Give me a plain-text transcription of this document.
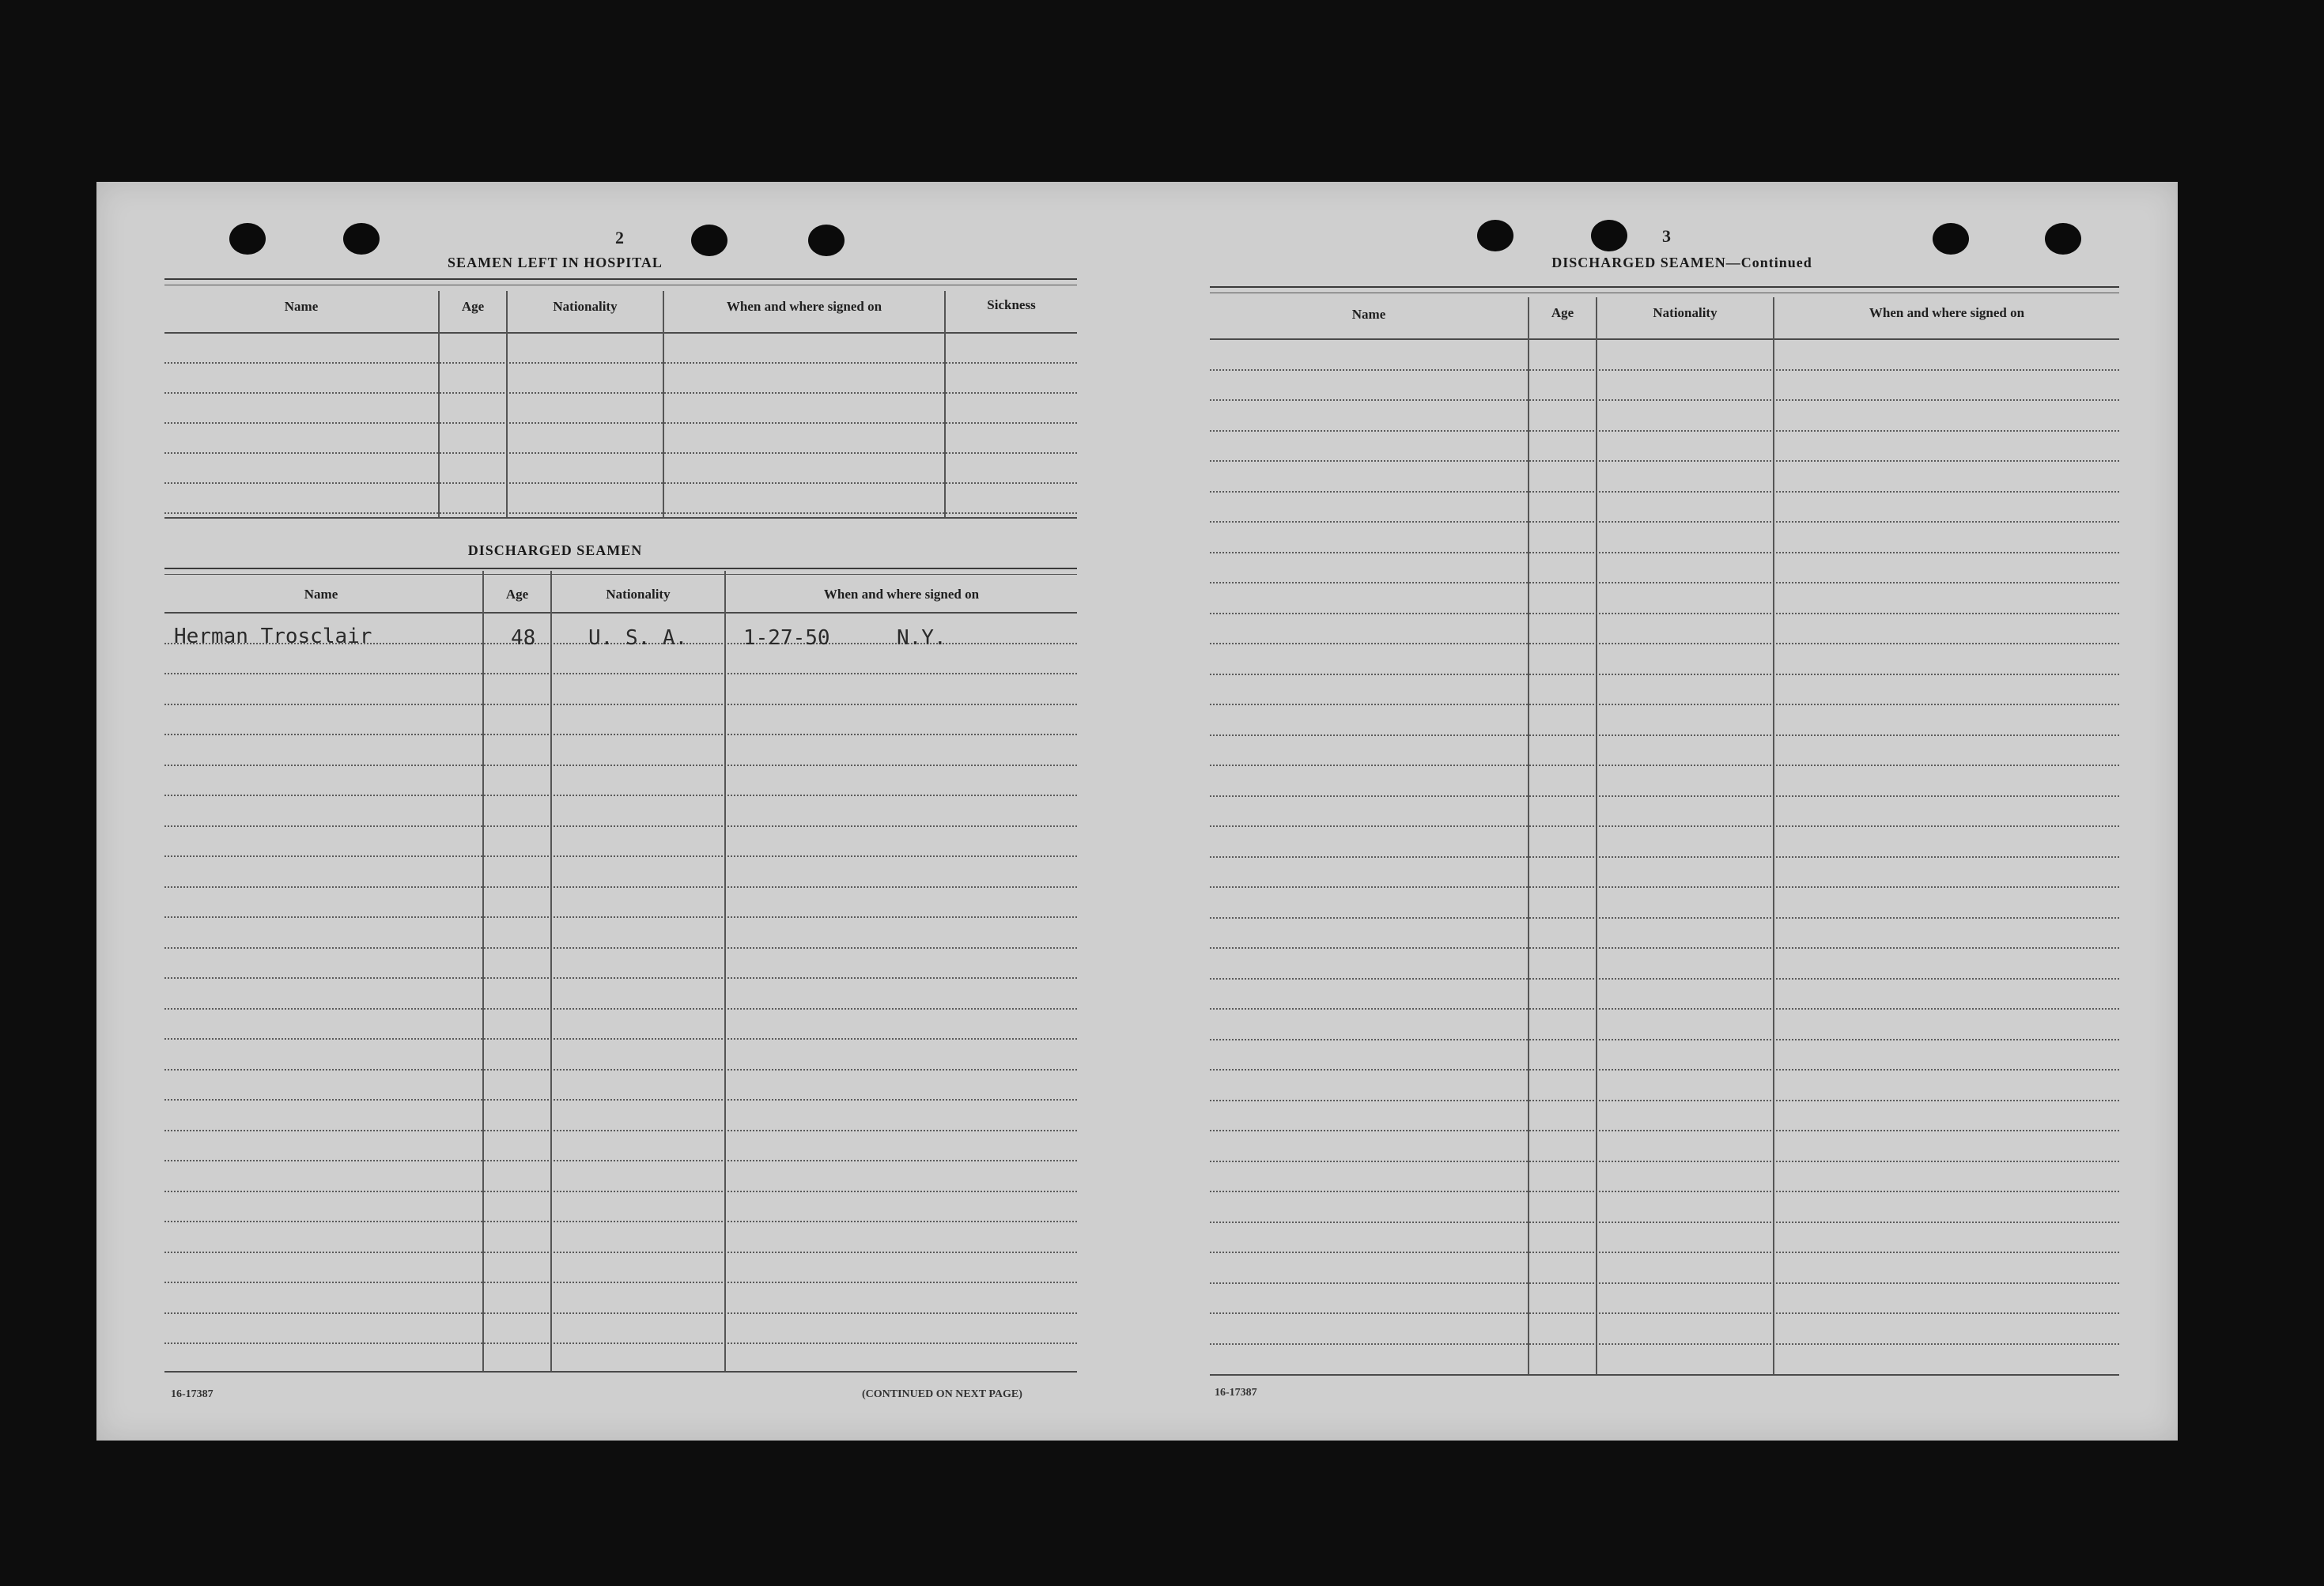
2
SEAMEN LEFT IN HOSPITAL
Name	Age	Nationality	When and where signed on	Sickness
DISCHARGED SEAMEN
Name	Age	Nationality	When and where signed on
Herman Trosclair	48	U. S. A.	1-27-50	N.Y.
16-17387	(CONTINUED ON NEXT PAGE)
3
DISCHARGED SEAMEN—Continued
Name	Age	Nationality	When and where signed on
16-17387
